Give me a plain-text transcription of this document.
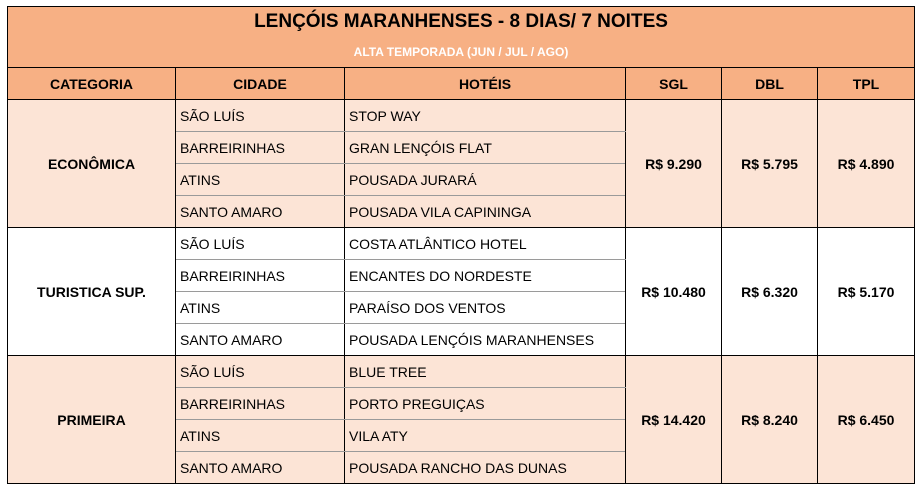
LENÇÓIS MARANHENSES - 8 DIAS/ 7 NOITES					
ALTA TEMPORADA (JUN / JUL / AGO)					
CATEGORIA	CIDADE	HOTÉIS	SGL	DBL	TPL
ECONÔMICA	SÃO LUÍS	STOP WAY	R$ 9.290	R$ 5.795	R$ 4.890
	BARREIRINHAS	GRAN LENÇÓIS FLAT			
	ATINS	POUSADA JURARÁ			
	SANTO AMARO	POUSADA VILA CAPININGA			
TURISTICA SUP.	SÃO LUÍS	COSTA ATLÂNTICO HOTEL	R$ 10.480	R$ 6.320	R$ 5.170
	BARREIRINHAS	ENCANTES DO NORDESTE			
	ATINS	PARAÍSO DOS VENTOS			
	SANTO AMARO	POUSADA LENÇÓIS MARANHENSES			
PRIMEIRA	SÃO LUÍS	BLUE TREE	R$ 14.420	R$ 8.240	R$ 6.450
	BARREIRINHAS	PORTO PREGUIÇAS			
	ATINS	VILA ATY			
	SANTO AMARO	POUSADA RANCHO DAS DUNAS			
